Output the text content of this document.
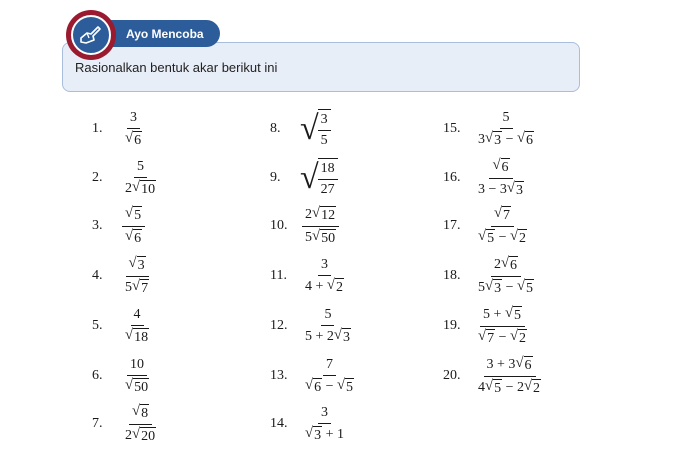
Ayo Mencoba
Rasionalkan bentuk akar berikut ini
1.	$\frac{3}{√ 6}$
2.	$\frac{5}{2 √ 10}$
3.	$\frac{√ 5}{√ 6}$
4.	$\frac{√ 3}{5 √ 7}$
5.	$\frac{4}{√ 18}$
6.	$\frac{10}{√ 50}$
7.	$\frac{√ 8}{2 √ 20}$
8. √ $\frac{3}{5}$
9. √ $\frac{18}{27}$
10.	$\frac{2 √ 12}{5 √ 50}$
11.	$\frac{3}{4 + √ 2}$
12.	$\frac{5}{5 + 2 √ 3}$
13.	$\frac{7}{√ 6 - √ 5}$
14.	$\frac{3}{√ 3 + 1}$
15.	$\frac{5}{3 √ 3 - √ 6}$
16. $\frac{√ 6}{3 - 3 √ 3}$
17. $\frac{√ 7}{√ 5 - √ 2}$
18.	$\frac{2 √ 6}{5 √ 3 - √ 5}$
19.	$\frac{5 + √ 5}{√ 7 - √ 2}$
20.	$\frac{3 + 3 √ 6}{4 √ 5 - 2 √ 2}$
